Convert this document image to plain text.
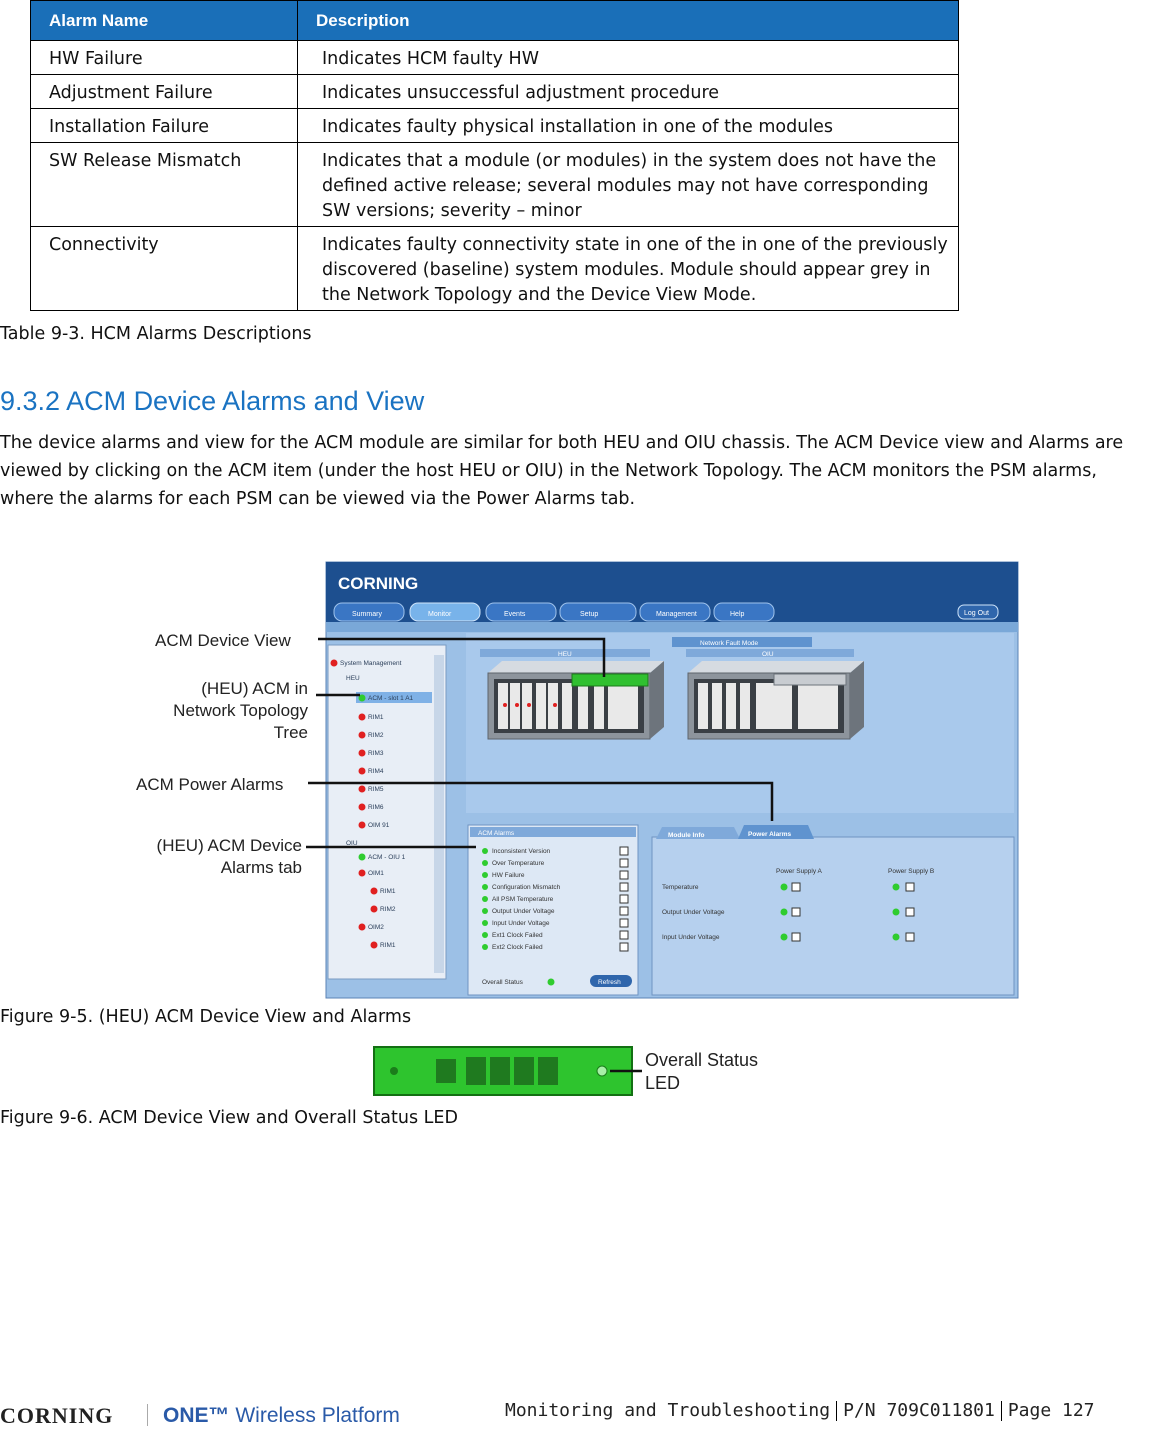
Alarm Name	Description
HW Failure	Indicates HCM faulty HW
Adjustment Failure	Indicates unsuccessful adjustment procedure
Installation Failure	Indicates faulty physical installation in one of the modules
SW Release Mismatch	Indicates that a module (or modules) in the system does not have the
defined active release; several modules may not have corresponding
SW versions; severity – minor

Connectivity	Indicates faulty connectivity state in one of the in one of the previously
discovered (baseline) system modules. Module should appear grey in
the Network Topology and the Device View Mode.
Table 9-3. HCM Alarms Descriptions
9.3.2 ACM Device Alarms and View
The device alarms and view for the ACM module are similar for both HEU and OIU chassis. The ACM Device view and Alarms are
viewed by clicking on the ACM item (under the host HEU or OIU) in the Network Topology. The ACM monitors the PSM alarms,
where the alarms for each PSM can be viewed via the Power Alarms tab.
CORNING
Summary	Monitor	Events	Setup	Management	Help	Log Out
System Management
HEU
ACM - slot 1 A1
RIM1
RIM2
RIM3
RIM4
RIM5
RIM6
OIM 91
OIU
ACM - OIU 1
OIM1
RIM1
RIM2
OIM2
RIM1
Network Fault Mode
HEU	OIU
ACM Alarms
Inconsistent Version
Over Temperature
HW Failure
Configuration Mismatch
All PSM Temperature
Output Under Voltage
Input Under Voltage
Ext1 Clock Failed
Ext2 Clock Failed
Overall Status	Refresh
Module Info	Power Alarms
Power Supply A	Power Supply B
Temperature
Output Under Voltage
Input Under Voltage
ACM Device View
(HEU) ACM in
Network Topology
Tree
ACM Power Alarms
(HEU) ACM Device
Alarms tab
Figure 9-5. (HEU) ACM Device View and Alarms
Overall Status
LED
Figure 9-6. ACM Device View and Overall Status LED
CORNING ONE™ Wireless Platform	Monitoring and Troubleshooting P/N 709C011801 Page 127
